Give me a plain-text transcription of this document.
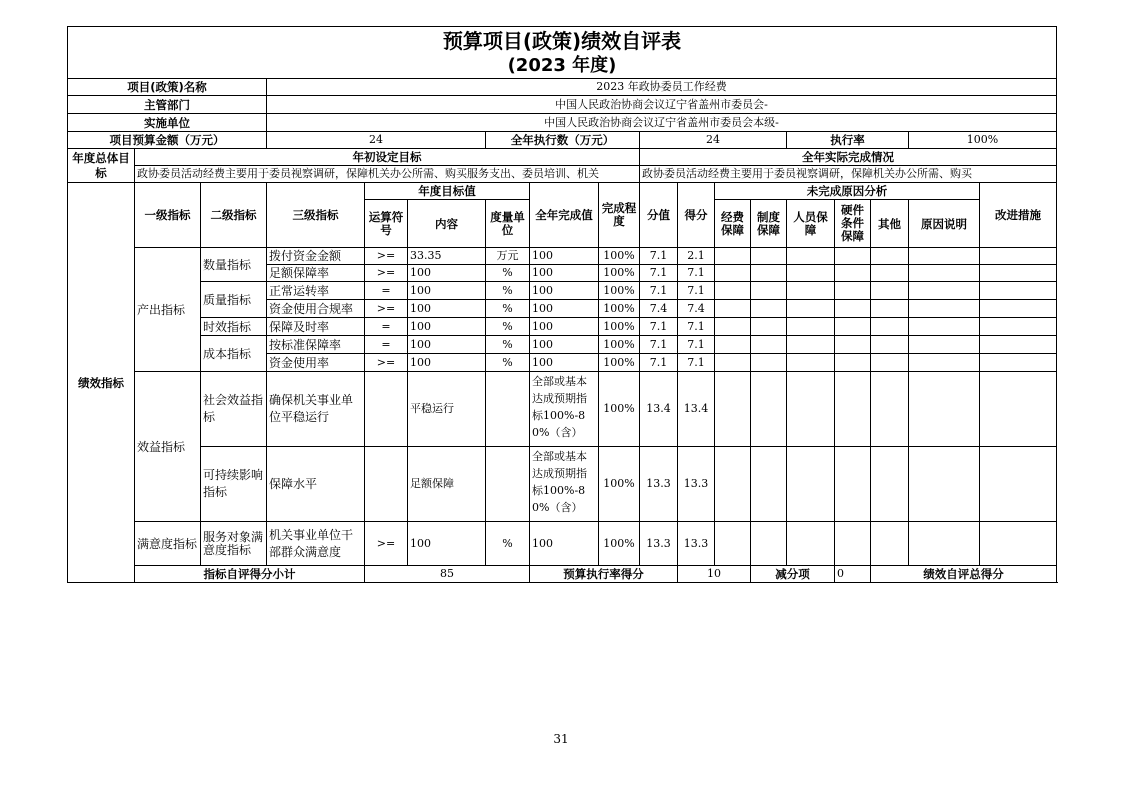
预算项目(政策)绩效自评表
(2023 年度)																		

项目(政策)名称			2023 年政协委员工作经费															
主管部门			中国人民政治协商会议辽宁省盖州市委员会-															
实施单位			中国人民政治协商会议辽宁省盖州市委员会本级-															
项目预算金额（万元）			24			全年执行数（万元）			24				执行率			100%		
年度总体目标	年初设定目标								全年实际完成情况									
	政协委员活动经费主要用于委员视察调研，保障机关办公所需、购买服务支出、委员培训、机关								政协委员活动经费主要用于委员视察调研，保障机关办公所需、购买									
绩效指标	一级指标	二级指标	三级指标	年度目标值			全年完成值	完成程度	分值	得分	未完成原因分析						改进措施	
				运算符号	内容	度量单位					经费保障	制度保障	人员保障	硬件条件保障	其他	原因说明		
	产出指标	数量指标	拨付资金金额	>=	33.35	万元	100	100%	7.1	2.1								
			足额保障率	>=	100	%	100	100%	7.1	7.1								
		质量指标	正常运转率	=	100	%	100	100%	7.1	7.1								
			资金使用合规率	>=	100	%	100	100%	7.4	7.4								
		时效指标	保障及时率	=	100	%	100	100%	7.1	7.1								
		成本指标	按标准保障率	=	100	%	100	100%	7.1	7.1								
			资金使用率	>=	100	%	100	100%	7.1	7.1								
	效益指标	社会效益指标	确保机关事业单位平稳运行		平稳运行		全部或基本达成预期指标100%-80%（含）	100%	13.4	13.4								
		可持续影响指标	保障水平		足额保障		全部或基本达成预期指标100%-80%（含）	100%	13.3	13.3								
	满意度指标	服务对象满意度指标	机关事业单位干部群众满意度	>=	100	%	100	100%	13.3	13.3								
	指标自评得分小计			85			预算执行率得分			10		减分项		0	绩效自评总得分	
31
